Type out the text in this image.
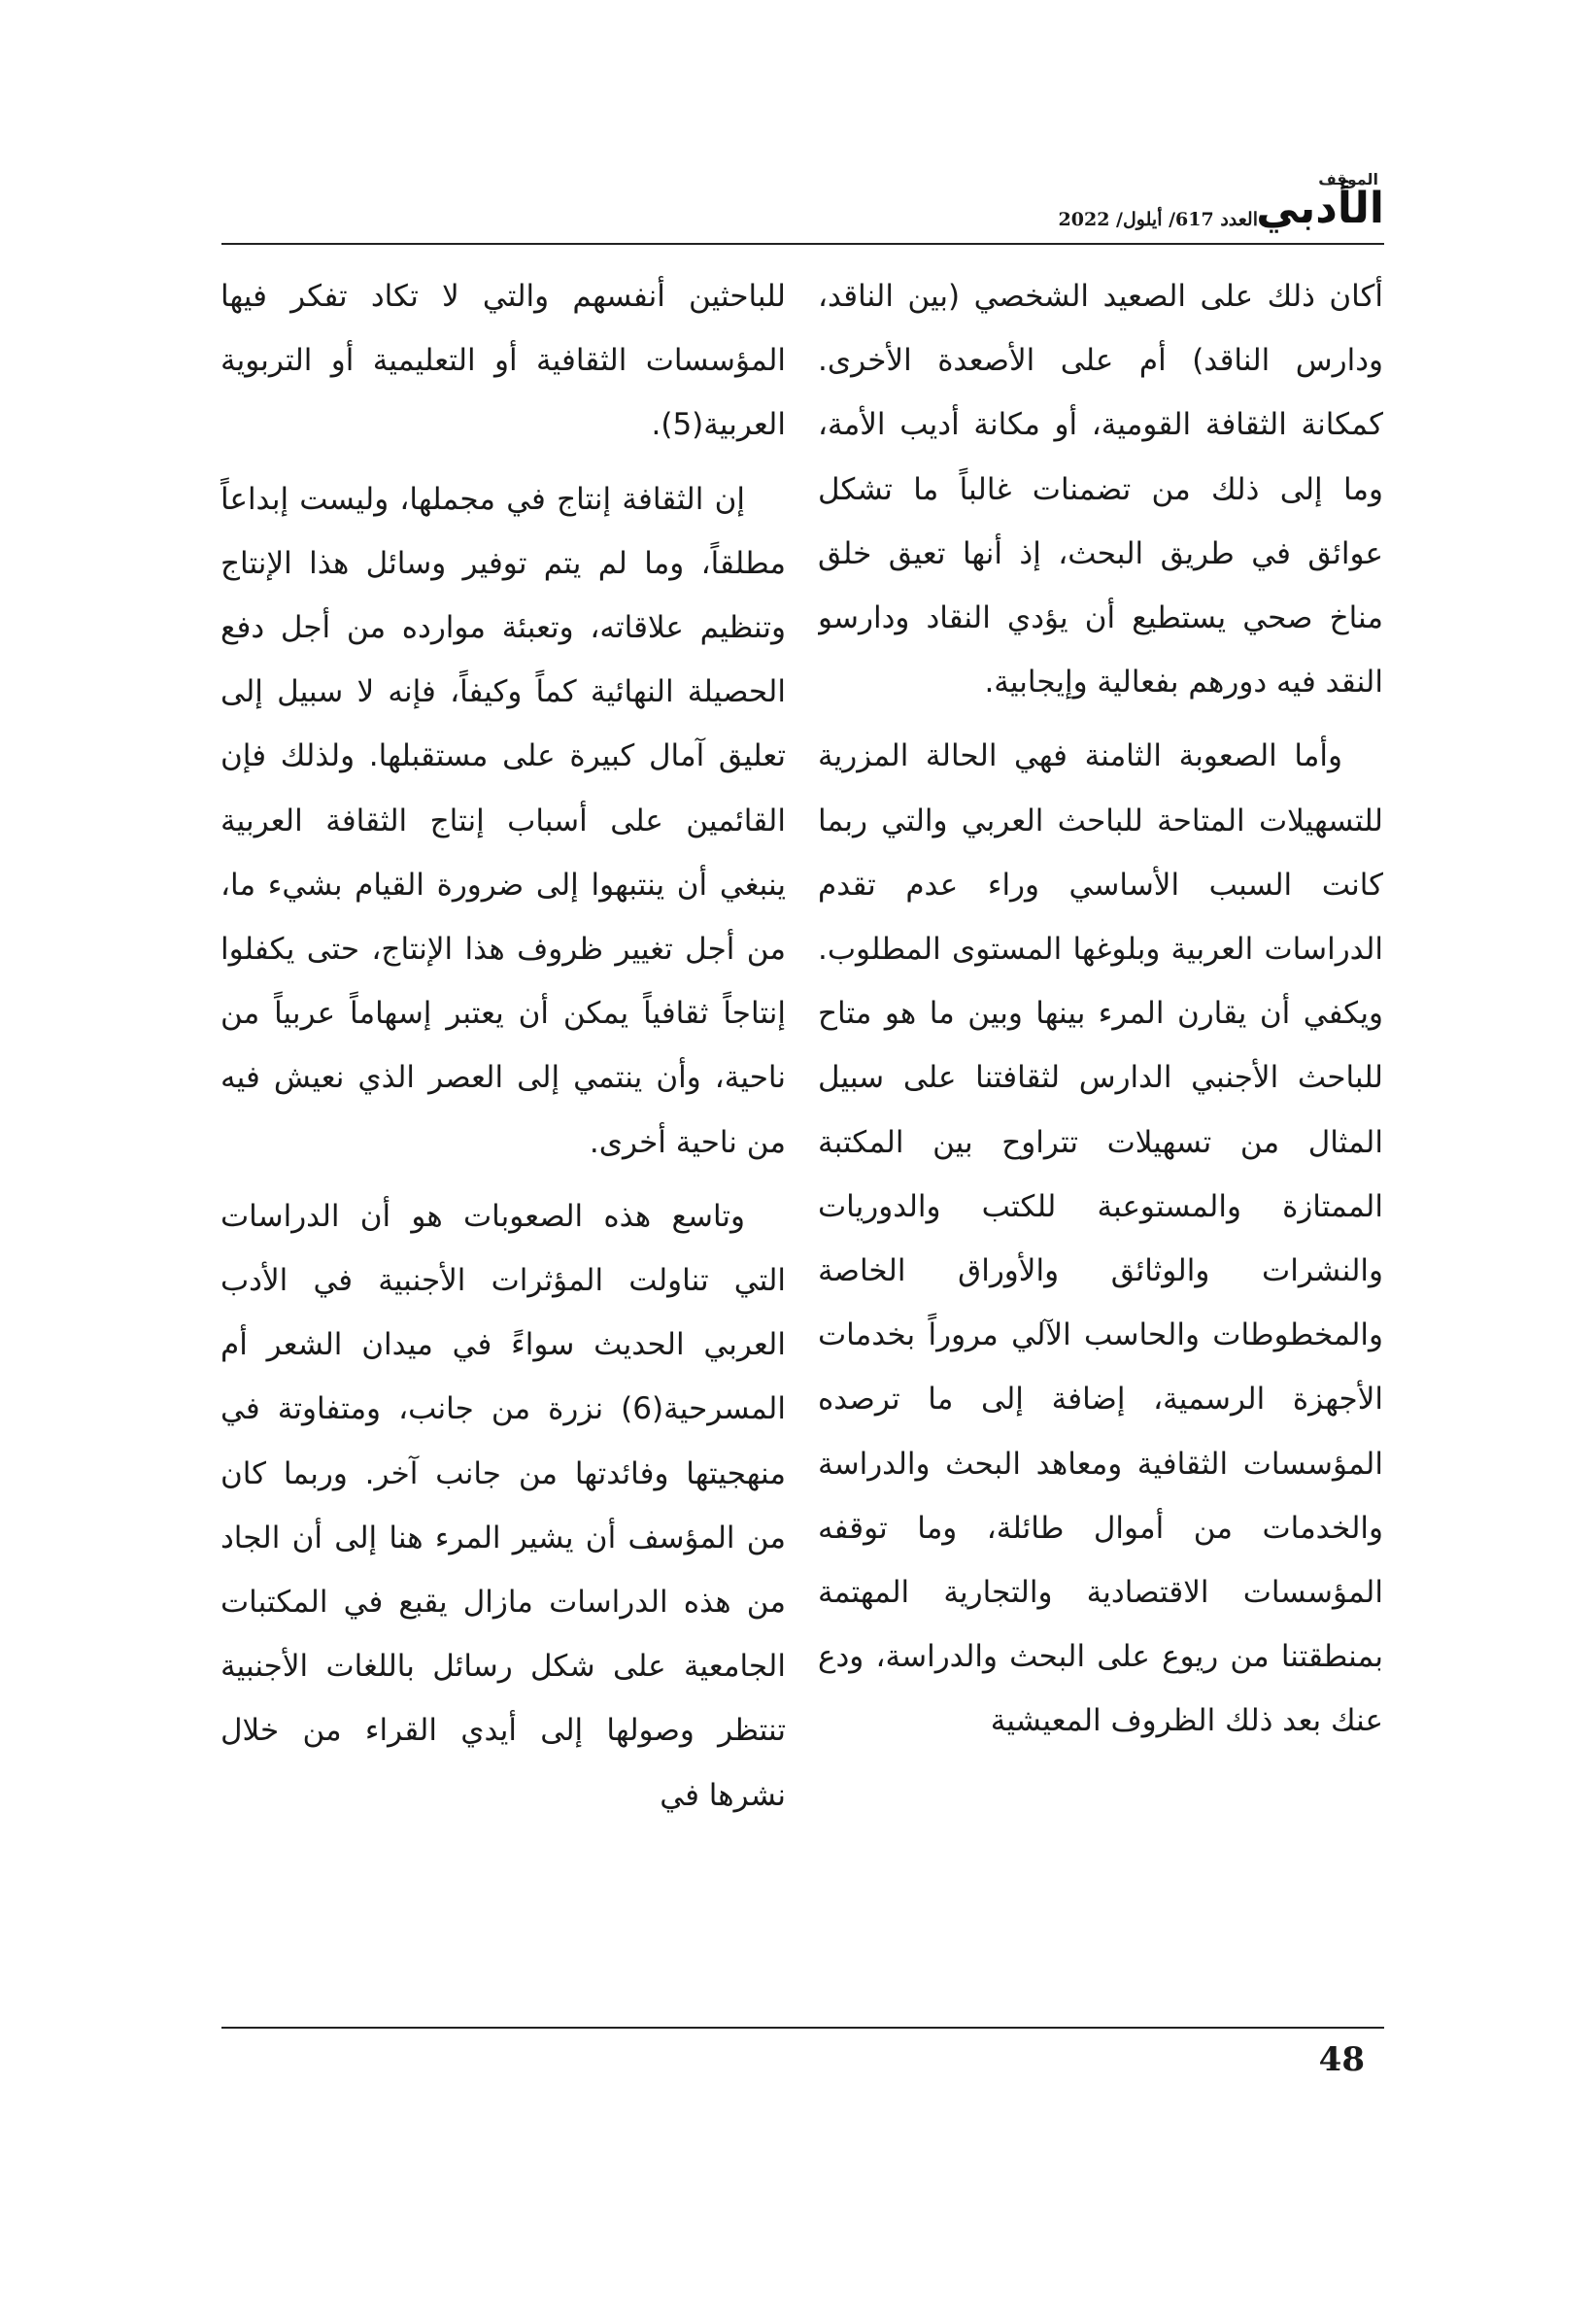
الموقف
الأدبي
العدد 617/ أيلول/ 2022

أكان ذلك على الصعيد الشخصي (بين الناقد، ودارس الناقد) أم على الأصعدة الأخرى. كمكانة الثقافة القومية، أو مكانة أديب الأمة، وما إلى ذلك من تضمنات غالباً ما تشكل عوائق في طريق البحث، إذ أنها تعيق خلق مناخ صحي يستطيع أن يؤدي النقاد ودارسو النقد فيه دورهم بفعالية وإيجابية.

وأما الصعوبة الثامنة فهي الحالة المزرية للتسهيلات المتاحة للباحث العربي والتي ربما كانت السبب الأساسي وراء عدم تقدم الدراسات العربية وبلوغها المستوى المطلوب. ويكفي أن يقارن المرء بينها وبين ما هو متاح للباحث الأجنبي الدارس لثقافتنا على سبيل المثال من تسهيلات تتراوح بين المكتبة الممتازة والمستوعبة للكتب والدوريات والنشرات والوثائق والأوراق الخاصة والمخطوطات والحاسب الآلي مروراً بخدمات الأجهزة الرسمية، إضافة إلى ما ترصده المؤسسات الثقافية ومعاهد البحث والدراسة والخدمات من أموال طائلة، وما توقفه المؤسسات الاقتصادية والتجارية المهتمة بمنطقتنا من ريوع على البحث والدراسة، ودع عنك بعد ذلك الظروف المعيشية

للباحثين أنفسهم والتي لا تكاد تفكر فيها المؤسسات الثقافية أو التعليمية أو التربوية العربية(5).

إن الثقافة إنتاج في مجملها، وليست إبداعاً مطلقاً، وما لم يتم توفير وسائل هذا الإنتاج وتنظيم علاقاته، وتعبئة موارده من أجل دفع الحصيلة النهائية كماً وكيفاً، فإنه لا سبيل إلى تعليق آمال كبيرة على مستقبلها. ولذلك فإن القائمين على أسباب إنتاج الثقافة العربية ينبغي أن ينتبهوا إلى ضرورة القيام بشيء ما، من أجل تغيير ظروف هذا الإنتاج، حتى يكفلوا إنتاجاً ثقافياً يمكن أن يعتبر إسهاماً عربياً من ناحية، وأن ينتمي إلى العصر الذي نعيش فيه من ناحية أخرى.

وتاسع هذه الصعوبات هو أن الدراسات التي تناولت المؤثرات الأجنبية في الأدب العربي الحديث سواءً في ميدان الشعر أم المسرحية(6) نزرة من جانب، ومتفاوتة في منهجيتها وفائدتها من جانب آخر. وربما كان من المؤسف أن يشير المرء هنا إلى أن الجاد من هذه الدراسات مازال يقبع في المكتبات الجامعية على شكل رسائل باللغات الأجنبية تنتظر وصولها إلى أيدي القراء من خلال نشرها في

48
